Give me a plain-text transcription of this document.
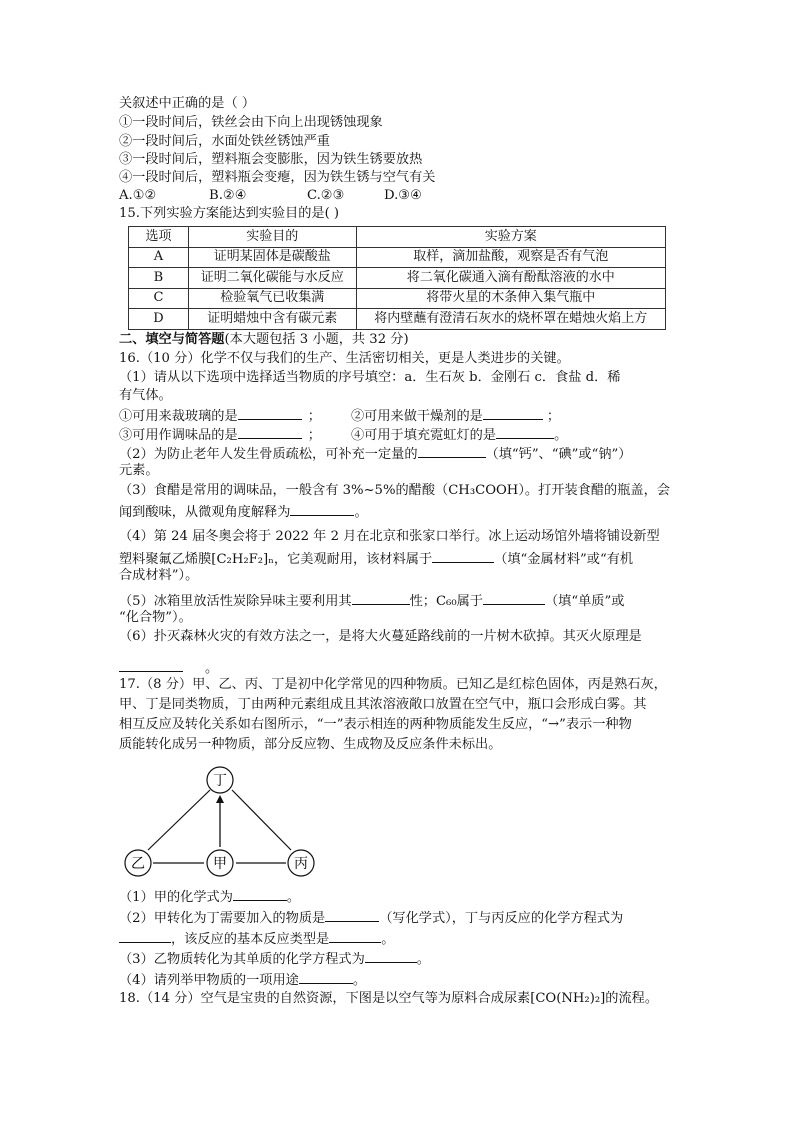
关叙述中正确的是（ ）
①一段时间后，铁丝会由下向上出现锈蚀现象
②一段时间后，水面处铁丝锈蚀严重
③一段时间后，塑料瓶会变膨胀，因为铁生锈要放热
④一段时间后，塑料瓶会变瘪，因为铁生锈与空气有关
A.①②	B.②④	C.②③	D.③④
15.下列实验方案能达到实验目的是( )
选项	实验目的	实验方案
A	证明某固体是碳酸盐	取样，滴加盐酸，观察是否有气泡
B	证明二氧化碳能与水反应	将二氧化碳通入滴有酚酞溶液的水中
C	检验氧气已收集满	将带火星的木条伸入集气瓶中
D	证明蜡烛中含有碳元素	将内壁蘸有澄清石灰水的烧杯罩在蜡烛火焰上方
二、填空与简答题(本大题包括 3 小题，共 32 分)
16.（10 分）化学不仅与我们的生产、生活密切相关，更是人类进步的关键。
（1）请从以下选项中选择适当物质的序号填空：a．生石灰 b．金刚石 c．食盐 d．稀
有气体。
①可用来裁玻璃的是	； ②可用来做干燥剂的是	；
③可用作调味品的是	； ④可用于填充霓虹灯的是	。
（2）为防止老年人发生骨质疏松，可补充一定量的	（填“钙”、“碘”或“钠”）
元素。
（3）食醋是常用的调味品，一般含有 3%~5%的醋酸（CH₃COOH）。打开装食醋的瓶盖，会
闻到酸味，从微观角度解释为	。
（4）第 24 届冬奥会将于 2022 年 2 月在北京和张家口举行。冰上运动场馆外墙将铺设新型
塑料聚氟乙烯膜[C₂H₂F₂]ₙ，它美观耐用，该材料属于	（填“金属材料”或“有机
合成材料”）。
（5）冰箱里放活性炭除异味主要利用其	性；C₆₀属于	（填“单质”或
“化合物”）。
（6）扑灭森林火灾的有效方法之一，是将大火蔓延路线前的一片树木砍掉。其灭火原理是
。
17.（8 分）甲、乙、丙、丁是初中化学常见的四种物质。已知乙是红棕色固体，丙是熟石灰，
甲、丁是同类物质，丁由两种元素组成且其浓溶液敞口放置在空气中，瓶口会形成白雾。其
相互反应及转化关系如右图所示，“一”表示相连的两种物质能发生反应，“→”表示一种物
质能转化成另一种物质，部分反应物、生成物及反应条件未标出。
丁
乙	甲	丙
（1）甲的化学式为	。
（2）甲转化为丁需要加入的物质是	（写化学式），丁与丙反应的化学方程式为
，该反应的基本反应类型是	。
（3）乙物质转化为其单质的化学方程式为	。
（4）请列举甲物质的一项用途	。
18.（14 分）空气是宝贵的自然资源，下图是以空气等为原料合成尿素[CO(NH₂)₂]的流程。
